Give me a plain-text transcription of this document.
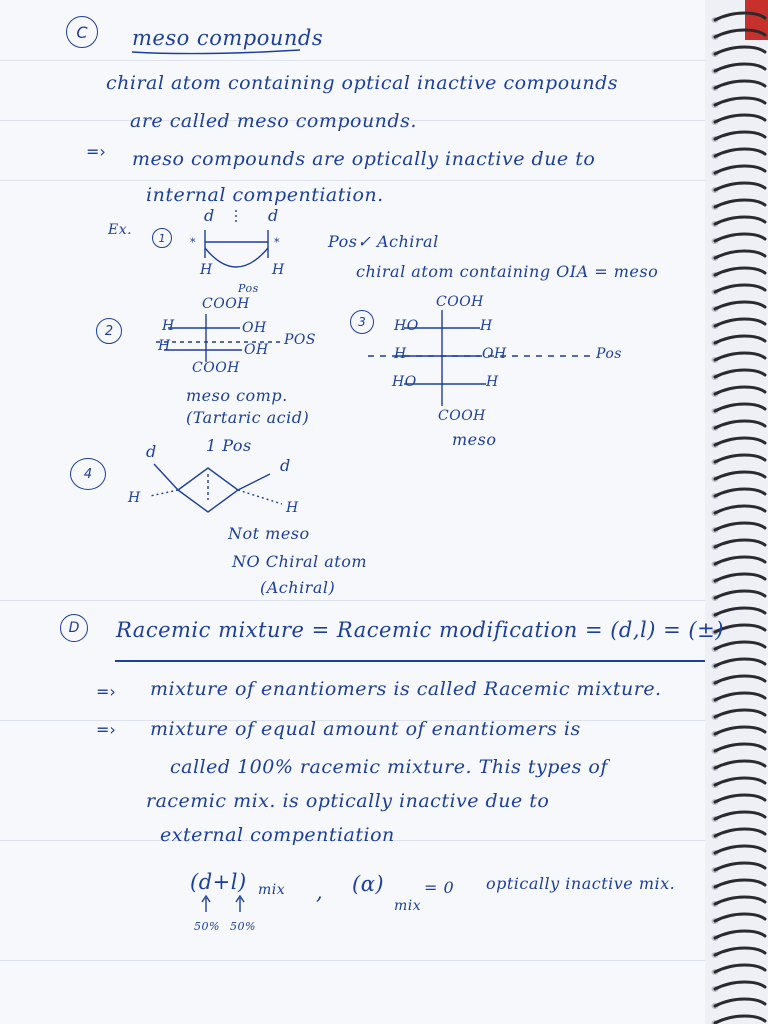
C meso compounds
chiral atom containing optical inactive compounds
are called meso compounds.
=› meso compounds are optically inactive due to
internal compentiation.
Ex. 1
d	d
*	*
H	H
Pos
Pos✓ Achiral
chiral atom containing OIA = meso
2
COOH
H	OH
H	OH
POS
COOH
meso comp.
(Tartaric acid)
1 Pos
3
COOH
HO	H
H	OH	Pos
HO	H
COOH
meso
4
d
d
H
H
Not meso
NO Chiral atom
(Achiral)
D Racemic mixture = Racemic modification = (d,l) = (±)
=› mixture of enantiomers is called Racemic mixture.
=› mixture of equal amount of enantiomers is
called 100% racemic mixture. This types of
racemic mix. is optically inactive due to
external compentiation
(d+l) mix , (α)
mix
= 0 optically inactive mix.
50% 50%
